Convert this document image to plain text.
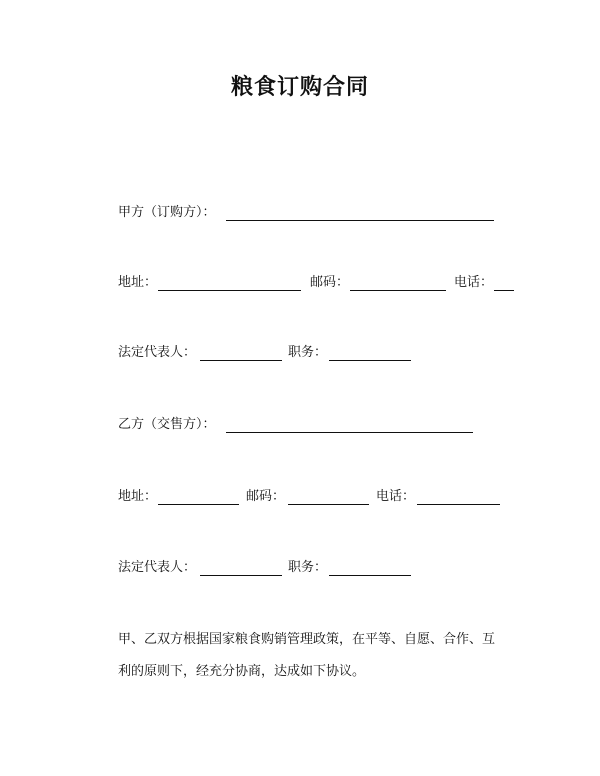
粮食订购合同
甲方（订购方）：
地址：	邮码：	电话：
法定代表人：	职务：
乙方（交售方）：
地址：	邮码：	电话：
法定代表人：	职务：
甲、乙双方根据国家粮食购销管理政策，在平等、自愿、合作、互
利的原则下，经充分协商，达成如下协议。
